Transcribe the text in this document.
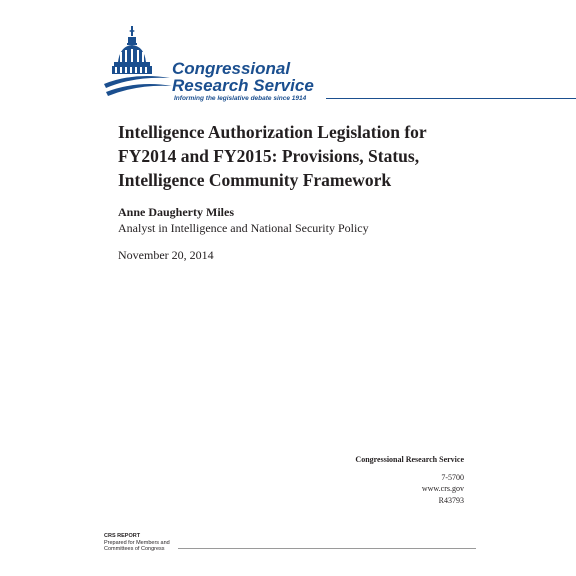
Congressional
Research Service
Informing the legislative debate since 1914
Intelligence Authorization Legislation for
FY2014 and FY2015: Provisions, Status,
Intelligence Community Framework
Anne Daugherty Miles
Analyst in Intelligence and National Security Policy
November 20, 2014
Congressional Research Service
7-5700
www.crs.gov
R43793
CRS REPORT
Prepared for Members and
Committees of Congress
